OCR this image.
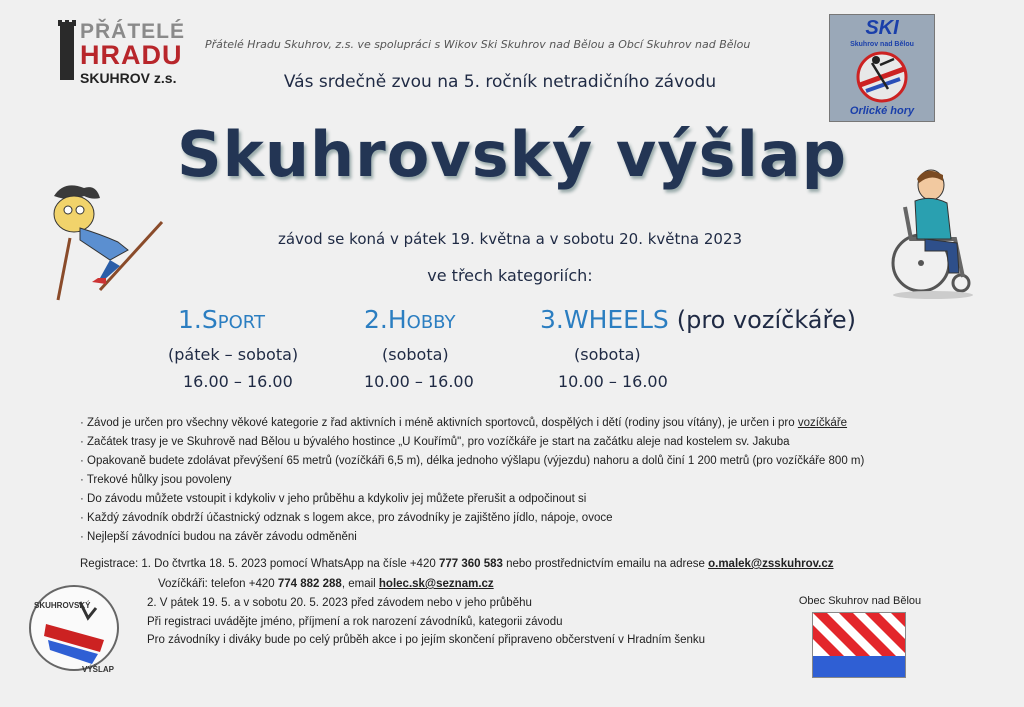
PŘÁTELÉ
HRADU
SKUHROV z.s.
Přátelé Hradu Skuhrov, z.s. ve spolupráci s Wikov Ski Skuhrov nad Bělou a Obcí Skuhrov nad Bělou
Vás srdečně zvou na 5. ročník netradičního závodu
SKI
Skuhrov nad Bělou
Orlické hory
Skuhrovský výšlap
závod se koná v pátek 19. května a v sobotu 20. května 2023
ve třech kategoriích:
1.Sport
(pátek – sobota)
16.00 – 16.00
2.Hobby
(sobota)
10.00 – 16.00
3.WHEELS (pro vozíčkáře)
(sobota)
10.00 – 16.00
· Závod je určen pro všechny věkové kategorie z řad aktivních i méně aktivních sportovců, dospělých i dětí (rodiny jsou vítány), je určen i pro vozíčkáře
· Začátek trasy je ve Skuhrově nad Bělou u bývalého hostince „U Kouřímů", pro vozíčkáře je start na začátku aleje nad kostelem sv. Jakuba
· Opakovaně budete zdolávat převýšení 65 metrů (vozíčkáři 6,5 m), délka jednoho výšlapu (výjezdu) nahoru a dolů činí 1 200 metrů (pro vozíčkáře 800 m)
· Trekové hůlky jsou povoleny
· Do závodu můžete vstoupit i kdykoliv v jeho průběhu a kdykoliv jej můžete přerušit a odpočinout si
· Každý závodník obdrží účastnický odznak s logem akce, pro závodníky je zajištěno jídlo, nápoje, ovoce
· Nejlepší závodníci budou na závěr závodu odměněni
Registrace: 1. Do čtvrtka 18. 5. 2023 pomocí WhatsApp na čísle +420 777 360 583 nebo prostřednictvím emailu na adrese o.malek@zsskuhrov.cz
Vozíčkáři: telefon +420 774 882 288, email holec.sk@seznam.cz
2. V pátek 19. 5. a v sobotu 20. 5. 2023 před závodem nebo v jeho průběhu
Při registraci uvádějte jméno, příjmení a rok narození závodníků, kategorii závodu
Pro závodníky i diváky bude po celý průběh akce i po jejím skončení připraveno občerstvení v Hradním šenku
SKUHROVSKÝ
VÝŠLAP
Obec Skuhrov nad Bělou
